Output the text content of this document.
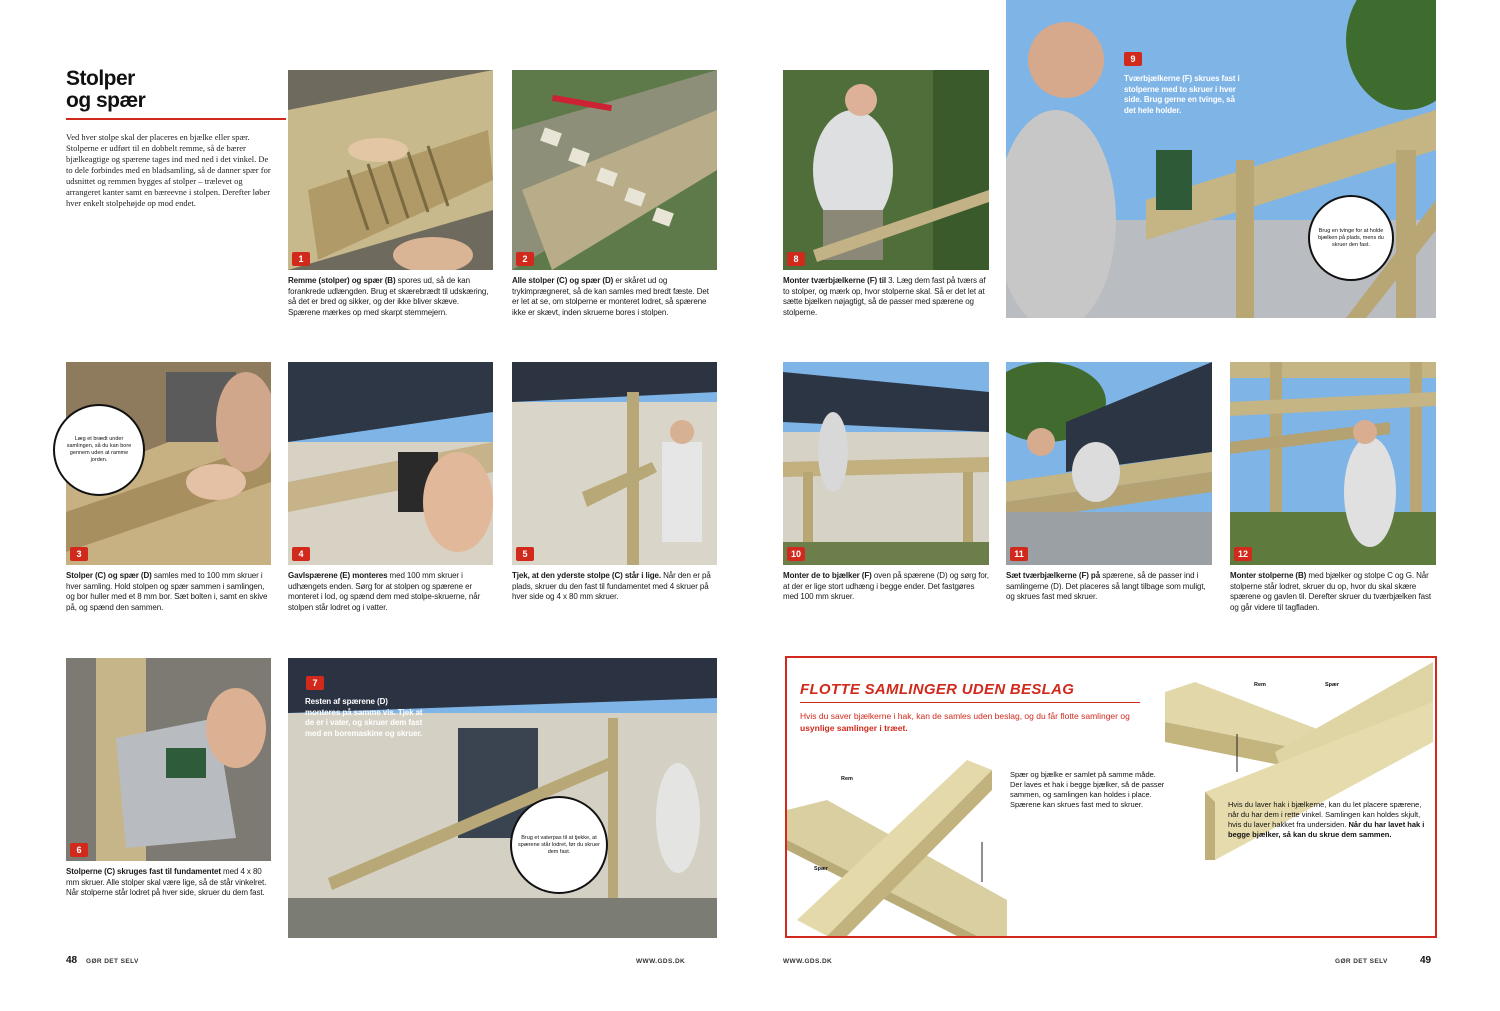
Stolper
og spær
Ved hver stolpe skal der placeres en bjælke eller spær. Stolperne er udført til en dobbelt remme, så de bærer bjælkeagtige og spærene tages ind med ned i det vinkel. De to dele forbindes med en bladsamling, så de danner spær for udsnittet og remmen bygges af stolper – trælevet og arrangeret kanter samt en bæreevne i stolpen. Derefter løber hver enkelt stolpehøjde op mod endet.
1
Remme (stolper) og spær (B) spores ud, så de kan forankrede udlængden. Brug et skærebrædt til udskæring, så det er bred og sikker, og der ikke bliver skæve. Spærene mærkes op med skarpt stemmejern.
2
Alle stolper (C) og spær (D) er skåret ud og trykimprægneret, så de kan samles med bredt fæste. Det er let at se, om stolperne er monteret lodret, så spærene ikke er skævt, inden skruerne bores i stolpen.
3
Læg et brædt under samlingen, så du kan bore gennem uden at ramme jorden.
Stolper (C) og spær (D) samles med to 100 mm skruer i hver samling. Hold stolpen og spær sammen i samlingen, og bor huller med et 8 mm bor. Sæt bolten i, samt en skive på, og spænd den sammen.
4
Gavlspærene (E) monteres med 100 mm skruer i udhængets enden. Sørg for at stolpen og spærene er monteret i lod, og spænd dem med stolpe-skruerne, når stolpen står lodret og i vatter.
5
Tjek, at den yderste stolpe (C) står i lige. Når den er på plads, skruer du den fast til fundamentet med 4 skruer på hver side og 4 x 80 mm skruer.
6
Stolperne (C) skruges fast til fundamentet med 4 x 80 mm skruer. Alle stolper skal være lige, så de står vinkelret. Når stolperne står lodret på hver side, skruer du dem fast.
7
Resten af spærene (D) monteres på samme vis. Tjek at de er i vater, og skruer dem fast med en boremaskine og skruer.
Brug et vaterpas til at tjekke, at spærene står lodret, før du skruer dem fast.
48 GØR DET SELV	WWW.GDS.DK
8
Monter tværbjælkerne (F) til 3. Læg dem fast på tværs af to stolper, og mærk op, hvor stolperne skal. Så er det let at sætte bjælken nøjagtigt, så de passer med spærene og stolperne.
9
Tværbjælkerne (F) skrues fast i stolperne med to skruer i hver side. Brug gerne en tvinge, så det hele holder.
Brug en tvinge for at holde bjælken på plads, mens du skruer den fast.
10
Monter de to bjælker (F) oven på spærene (D) og sørg for, at der er lige stort udhæng i begge ender. Det fastgøres med 100 mm skruer.
11
Sæt tværbjælkerne (F) på spærene, så de passer ind i samlingerne (D). Det placeres så langt tilbage som muligt, og skrues fast med skruer.
12
Monter stolperne (B) med bjælker og stolpe C og G. Når stolperne står lodret, skruer du op, hvor du skal skære spærene og gavlen til. Derefter skruer du tværbjælken fast og går videre til tagfladen.
FLOTTE SAMLINGER UDEN BESLAG
Hvis du saver bjælkerne i hak, kan de samles uden beslag, og du får flotte samlinger og usynlige samlinger i træet.
Rem
Spær
Spær og bjælke er samlet på samme måde. Der laves et hak i begge bjælker, så de passer sammen, og samlingen kan holdes i place. Spærene kan skrues fast med to skruer.
Rem	Spær
Hvis du laver hak i bjælkerne, kan du let placere spærene, når du har dem i rette vinkel. Samlingen kan holdes skjult, hvis du laver hakket fra undersiden. Når du har lavet hak i begge bjælker, så kan du skrue dem sammen.
WWW.GDS.DK	GØR DET SELV	49
